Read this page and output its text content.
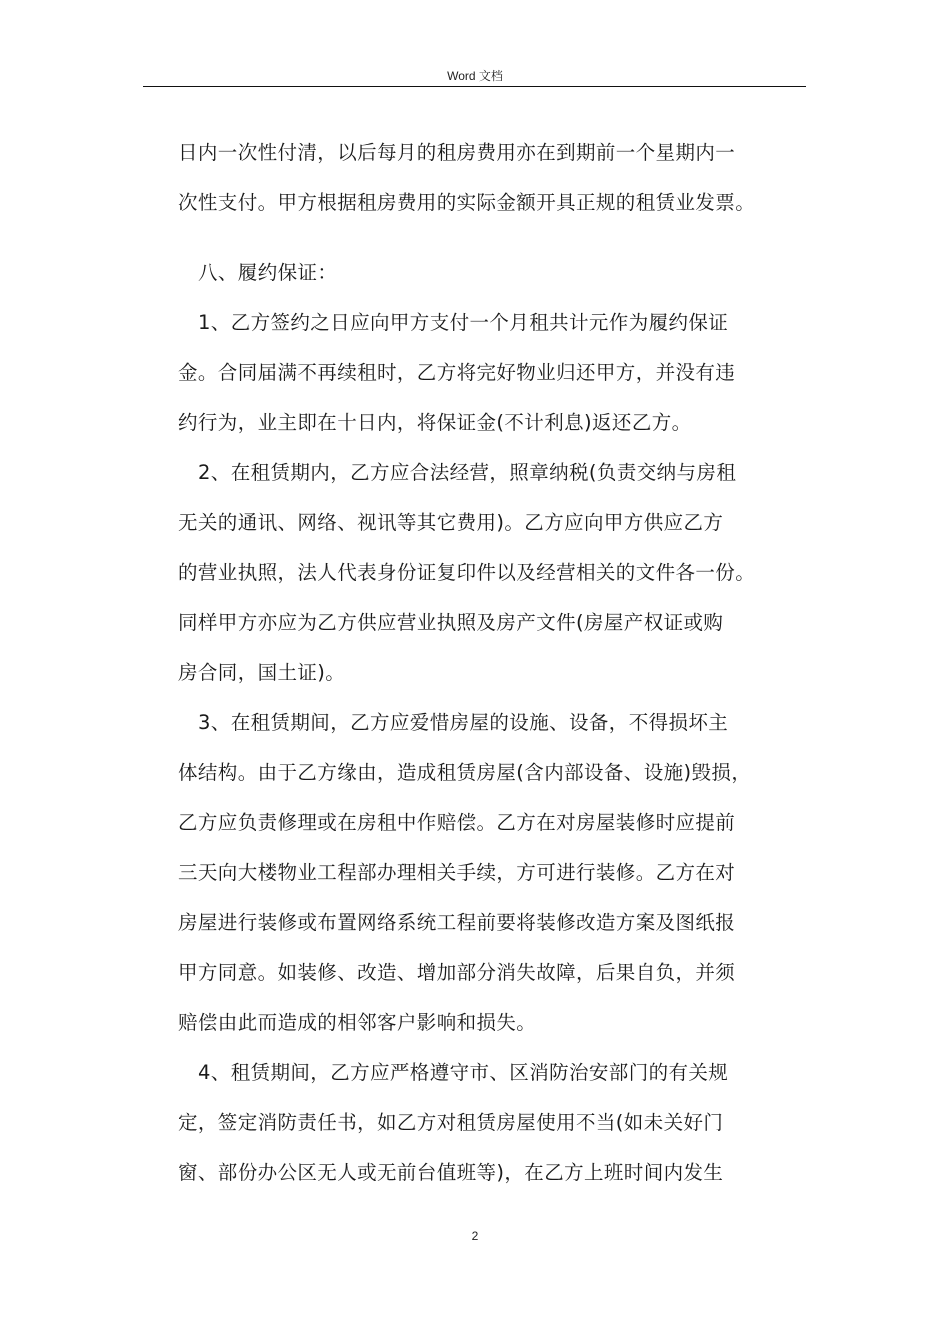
Word 文档
日内一次性付清，以后每月的租房费用亦在到期前一个星期内一
次性支付。甲方根据租房费用的实际金额开具正规的租赁业发票。
八、履约保证：
1、乙方签约之日应向甲方支付一个月租共计元作为履约保证
金。合同届满不再续租时，乙方将完好物业归还甲方，并没有违
约行为，业主即在十日内，将保证金(不计利息)返还乙方。
2、在租赁期内，乙方应合法经营，照章纳税(负责交纳与房租
无关的通讯、网络、视讯等其它费用)。乙方应向甲方供应乙方
的营业执照，法人代表身份证复印件以及经营相关的文件各一份。
同样甲方亦应为乙方供应营业执照及房产文件(房屋产权证或购
房合同，国土证)。
3、在租赁期间，乙方应爱惜房屋的设施、设备，不得损坏主
体结构。由于乙方缘由，造成租赁房屋(含内部设备、设施)毁损，
乙方应负责修理或在房租中作赔偿。乙方在对房屋装修时应提前
三天向大楼物业工程部办理相关手续，方可进行装修。乙方在对
房屋进行装修或布置网络系统工程前要将装修改造方案及图纸报
甲方同意。如装修、改造、增加部分消失故障，后果自负，并须
赔偿由此而造成的相邻客户影响和损失。
4、租赁期间，乙方应严格遵守市、区消防治安部门的有关规
定，签定消防责任书，如乙方对租赁房屋使用不当(如未关好门
窗、部份办公区无人或无前台值班等)，在乙方上班时间内发生
2
